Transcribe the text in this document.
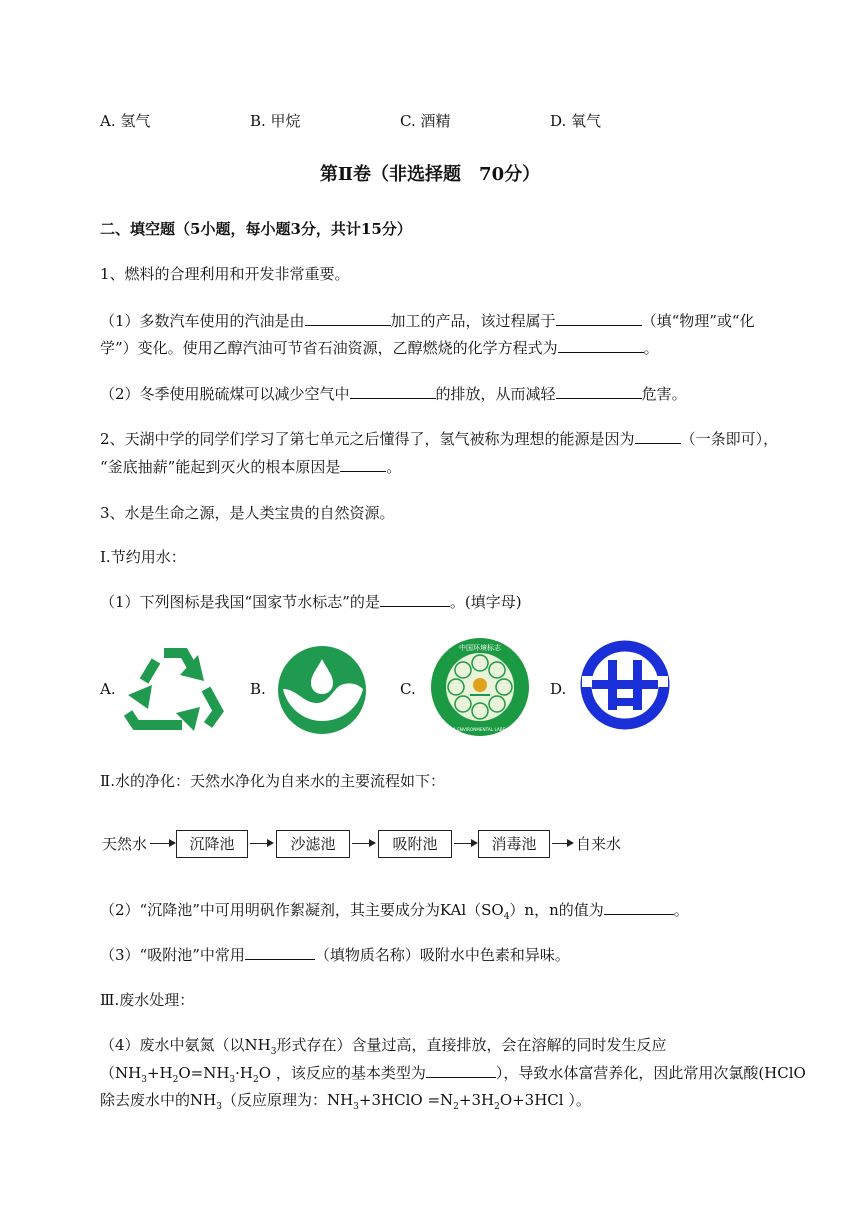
A. 氢气	B. 甲烷	C. 酒精	D. 氧气
第Ⅱ卷（非选择题　70分）
二、填空题（5小题，每小题3分，共计15分）
1、燃料的合理利用和开发非常重要。
（1）多数汽车使用的汽油是由	加工的产品，该过程属于	（填“物理”或“化
学”）变化。使用乙醇汽油可节省石油资源，乙醇燃烧的化学方程式为	。
（2）冬季使用脱硫煤可以减少空气中	的排放，从而减轻	危害。
2、天湖中学的同学们学习了第七单元之后懂得了，氢气被称为理想的能源是因为	（一条即可），
“釜底抽薪”能起到灭火的根本原因是	。
3、水是生命之源，是人类宝贵的自然资源。
Ⅰ.节约用水：
（1）下列图标是我国“国家节水标志”的是	。(填字母)
A.	B.	C.
中国环境标志
CHINA ENVIRONMENTAL LABELLING
D.
Ⅱ.水的净化：天然水净化为自来水的主要流程如下：
天然水	沉降池	沙滤池	吸附池	消毒池	自来水
（2）“沉降池”中可用明矾作絮凝剂，其主要成分为$KAl(SO_4)n$，n的值为	。
（3）“吸附池”中常用	（填物质名称）吸附水中色素和异味。
Ⅲ.废水处理：
（4）废水中氨氮（以$NH_3$形式存在）含量过高，直接排放，会在溶解的同时发生反应
（$NH_3+H_2O=NH_3\cdot H_2O$ ，该反应的基本类型为	），导致水体富营养化，因此常用次氯酸(HClO
除去废水中的$NH_3$（反应原理为：$NH_3+3HClO =N_2+3H_2O+3HCl$ ）。
